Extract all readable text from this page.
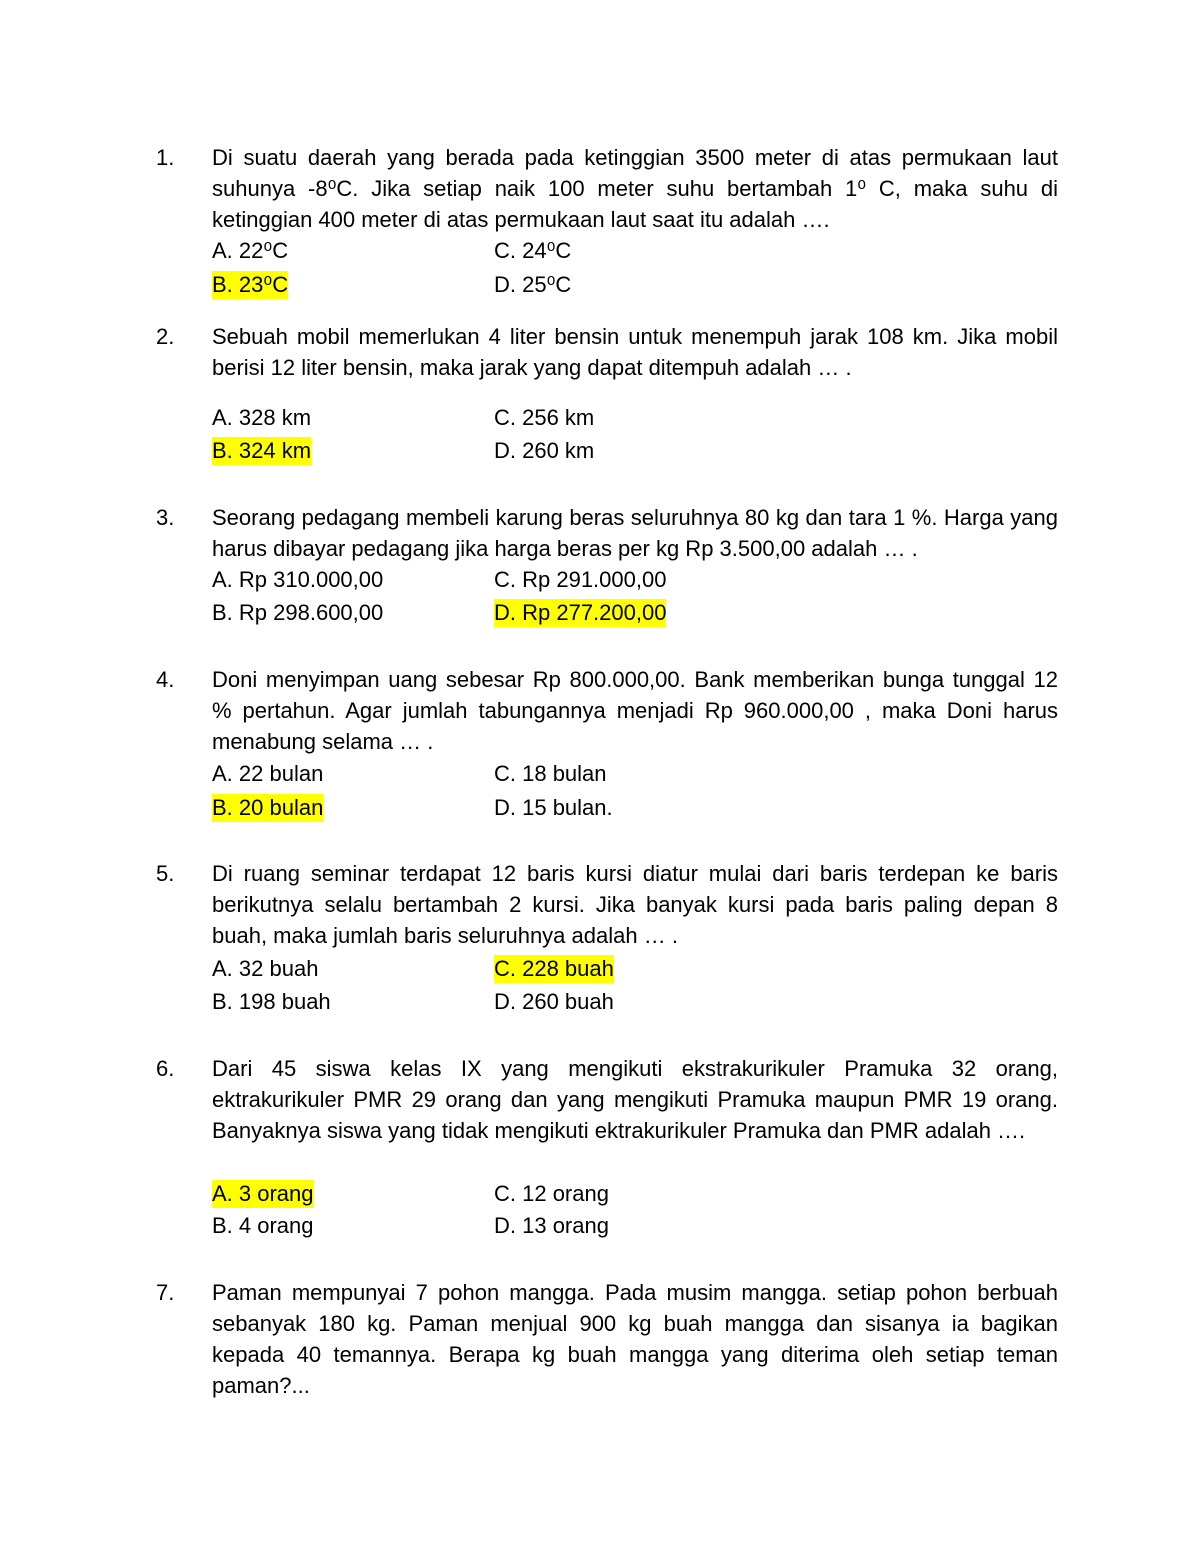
1. Di suatu daerah yang berada pada ketinggian 3500 meter di atas permukaan laut suhunya -8⁰C. Jika setiap naik 100 meter suhu bertambah 1⁰ C, maka suhu di ketinggian 400 meter di atas permukaan laut saat itu adalah ….
A. 22⁰C	C. 24⁰C
B. 23⁰C	D. 25⁰C
2. Sebuah mobil memerlukan 4 liter bensin untuk menempuh jarak 108 km. Jika mobil berisi 12 liter bensin, maka jarak yang dapat ditempuh adalah … .
A. 328 km	C. 256 km
B. 324 km	D. 260 km
3. Seorang pedagang membeli karung beras seluruhnya 80 kg dan tara 1 %. Harga yang harus dibayar pedagang jika harga beras per kg Rp 3.500,00 adalah … .
A. Rp 310.000,00	C. Rp 291.000,00
B. Rp 298.600,00	D. Rp 277.200,00
4. Doni menyimpan uang sebesar Rp 800.000,00. Bank memberikan bunga tunggal 12 % pertahun. Agar jumlah tabungannya menjadi Rp 960.000,00 , maka Doni harus menabung selama … .
A. 22 bulan	C. 18 bulan
B. 20 bulan	D. 15 bulan.
5. Di ruang seminar terdapat 12 baris kursi diatur mulai dari baris terdepan ke baris berikutnya selalu bertambah 2 kursi. Jika banyak kursi pada baris paling depan 8 buah, maka jumlah baris seluruhnya adalah … .
A. 32 buah	C. 228 buah
B. 198 buah	D. 260 buah
6. Dari 45 siswa kelas IX yang mengikuti ekstrakurikuler Pramuka 32 orang, ektrakurikuler PMR 29 orang dan yang mengikuti Pramuka maupun PMR 19 orang. Banyaknya siswa yang tidak mengikuti ektrakurikuler Pramuka dan PMR adalah ….
A. 3 orang	C. 12 orang
B. 4 orang	D. 13 orang
7. Paman mempunyai 7 pohon mangga. Pada musim mangga. setiap pohon berbuah sebanyak 180 kg. Paman menjual 900 kg buah mangga dan sisanya ia bagikan kepada 40 temannya. Berapa kg buah mangga yang diterima oleh setiap teman paman?...
